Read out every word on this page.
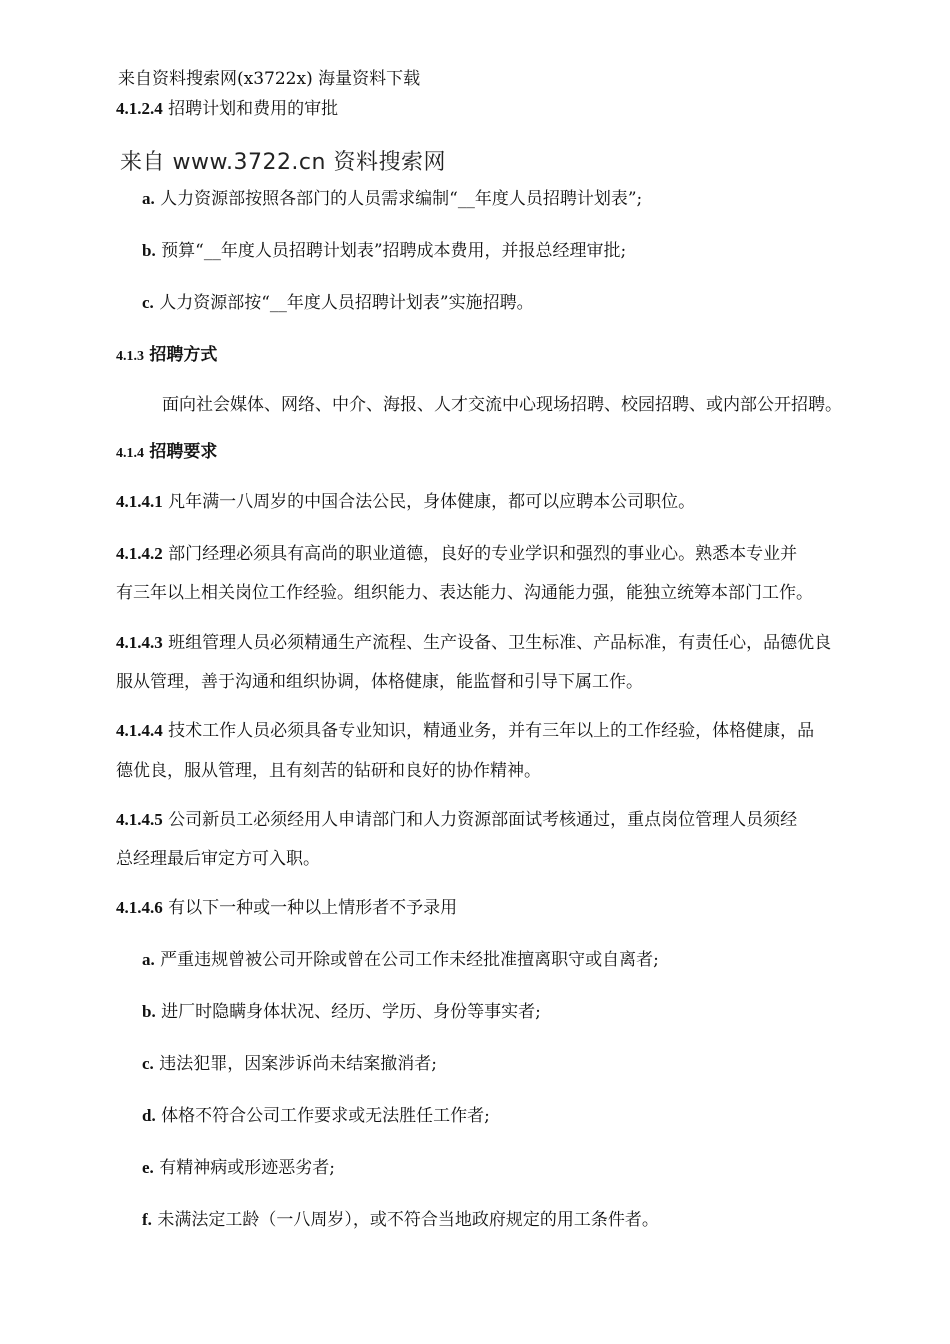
来自资料搜索网(x3722x) 海量资料下载
4.1.2.4 招聘计划和费用的审批
来自 www.3722.cn 资料搜索网
a. 人力资源部按照各部门的人员需求编制“__年度人员招聘计划表”;
b. 预算“__年度人员招聘计划表”招聘成本费用，并报总经理审批;
c. 人力资源部按“__年度人员招聘计划表”实施招聘。
4.1.3 招聘方式
面向社会媒体、网络、中介、海报、人才交流中心现场招聘、校园招聘、或内部公开招聘。
4.1.4 招聘要求
4.1.4.1 凡年满一八周岁的中国合法公民，身体健康，都可以应聘本公司职位。
4.1.4.2 部门经理必须具有高尚的职业道德，良好的专业学识和强烈的事业心。熟悉本专业并
有三年以上相关岗位工作经验。组织能力、表达能力、沟通能力强，能独立统筹本部门工作。
4.1.4.3 班组管理人员必须精通生产流程、生产设备、卫生标准、产品标准，有责任心，品德优良
服从管理，善于沟通和组织协调，体格健康，能监督和引导下属工作。
4.1.4.4 技术工作人员必须具备专业知识，精通业务，并有三年以上的工作经验，体格健康，品
德优良，服从管理，且有刻苦的钻研和良好的协作精神。
4.1.4.5 公司新员工必须经用人申请部门和人力资源部面试考核通过，重点岗位管理人员须经
总经理最后审定方可入职。
4.1.4.6 有以下一种或一种以上情形者不予录用
a. 严重违规曾被公司开除或曾在公司工作未经批准擅离职守或自离者;
b. 进厂时隐瞒身体状况、经历、学历、身份等事实者;
c. 违法犯罪，因案涉诉尚未结案撤消者;
d. 体格不符合公司工作要求或无法胜任工作者;
e. 有精神病或形迹恶劣者;
f. 未满法定工龄（一八周岁），或不符合当地政府规定的用工条件者。
